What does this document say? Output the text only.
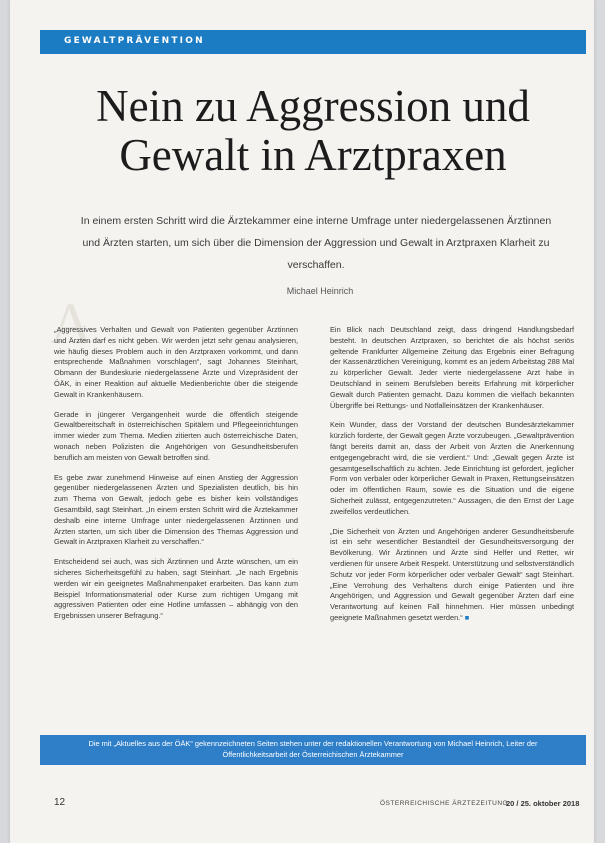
GEWALTPRÄVENTION
Nein zu Aggression und
Gewalt in Arztpraxen

In einem ersten Schritt wird die Ärztekammer eine interne Umfrage unter niedergelassenen Ärztinnen und Ärzten starten, um sich über die Dimension der Aggression und Gewalt in Arztpraxen Klarheit zu verschaffen.

Michael Heinrich
A

„Aggressives Verhalten und Gewalt von Patienten gegenüber Ärztinnen und Ärzten darf es nicht geben. Wir werden jetzt sehr genau analysieren, wie häufig dieses Problem auch in den Arztpraxen vorkommt, und dann entsprechende Maßnahmen vorschlagen“, sagt Johannes Steinhart, Obmann der Bundeskurie niedergelassene Ärzte und Vizepräsident der ÖÄK, in einer Reaktion auf aktuelle Medienberichte über die steigende Gewalt in Krankenhäusern.

Gerade in jüngerer Vergangenheit wurde die öffentlich steigende Gewaltbereitschaft in österreichischen Spitälern und Pflegeeinrichtungen immer wieder zum Thema. Medien zitierten auch österreichische Daten, wonach neben Polizisten die Angehörigen von Gesundheitsberufen beruflich am meisten von Gewalt betroffen sind.

Es gebe zwar zunehmend Hinweise auf einen Anstieg der Aggression gegenüber niedergelassenen Ärzten und Spezialisten deutlich, bis hin zum Thema von Gewalt, jedoch gebe es bisher kein vollständiges Gesamtbild, sagt Steinhart. „In einem ersten Schritt wird die Ärztekammer deshalb eine interne Umfrage unter niedergelassenen Ärztinnen und Ärzten starten, um sich über die Dimension des Themas Aggression und Gewalt in Arztpraxen Klarheit zu verschaffen.“

Entscheidend sei auch, was sich Ärztinnen und Ärzte wünschen, um ein sicheres Sicherheitsgefühl zu haben, sagt Steinhart. „Je nach Ergebnis werden wir ein geeignetes Maßnahmenpaket erarbeiten. Das kann zum Beispiel Informationsmaterial oder Kurse zum richtigen Umgang mit aggressiven Patienten oder eine Hotline umfassen – abhängig von den Ergebnissen unserer Befragung.“

Ein Blick nach Deutschland zeigt, dass dringend Handlungsbedarf besteht. In deutschen Arztpraxen, so berichtet die als höchst seriös geltende Frankfurter Allgemeine Zeitung das Ergebnis einer Befragung der Kassenärztlichen Vereinigung, kommt es an jedem Arbeitstag 288 Mal zu körperlicher Gewalt. Jeder vierte niedergelassene Arzt habe in Deutschland in seinem Berufsleben bereits Erfahrung mit körperlicher Gewalt durch Patienten gemacht. Dazu kommen die vielfach bekannten Übergriffe bei Rettungs- und Notfalleinsätzen der Krankenhäuser.

Kein Wunder, dass der Vorstand der deutschen Bundesärztekammer kürzlich forderte, der Gewalt gegen Ärzte vorzubeugen. „Gewaltprävention fängt bereits damit an, dass der Arbeit von Ärzten die Anerkennung entgegengebracht wird, die sie verdient.“ Und: „Gewalt gegen Ärzte ist gesamtgesellschaftlich zu ächten. Jede Einrichtung ist gefordert, jeglicher Form von verbaler oder körperlicher Gewalt in Praxen, Rettungseinsätzen oder im öffentlichen Raum, sowie es die Situation und die eigene Sicherheit zulässt, entgegenzutreten.“ Aussagen, die den Ernst der Lage zweifellos verdeutlichen.

„Die Sicherheit von Ärzten und Angehörigen anderer Gesundheitsberufe ist ein sehr wesentlicher Bestandteil der Gesundheitsversorgung der Bevölkerung. Wir Ärztinnen und Ärzte sind Helfer und Retter, wir verdienen für unsere Arbeit Respekt. Unterstützung und selbstverständlich Schutz vor jeder Form körperlicher oder verbaler Gewalt“ sagt Steinhart. „Eine Verrohung des Verhaltens durch einige Patienten und ihre Angehörigen, und Aggression und Gewalt gegenüber Ärzten darf eine Verantwortung auf keinen Fall hinnehmen. Hier müssen unbedingt geeignete Maßnahmen gesetzt werden.“ ■

Die mit „Aktuelles aus der ÖÄK“ gekennzeichneten Seiten stehen unter der redaktionellen Verantwortung von Michael Heinrich, Leiter der Öffentlichkeitsarbeit der Österreichischen Ärztekammer

12	ÖSTERREICHISCHE ÄRZTEZEITUNG
20 / 25. oktober 2018
